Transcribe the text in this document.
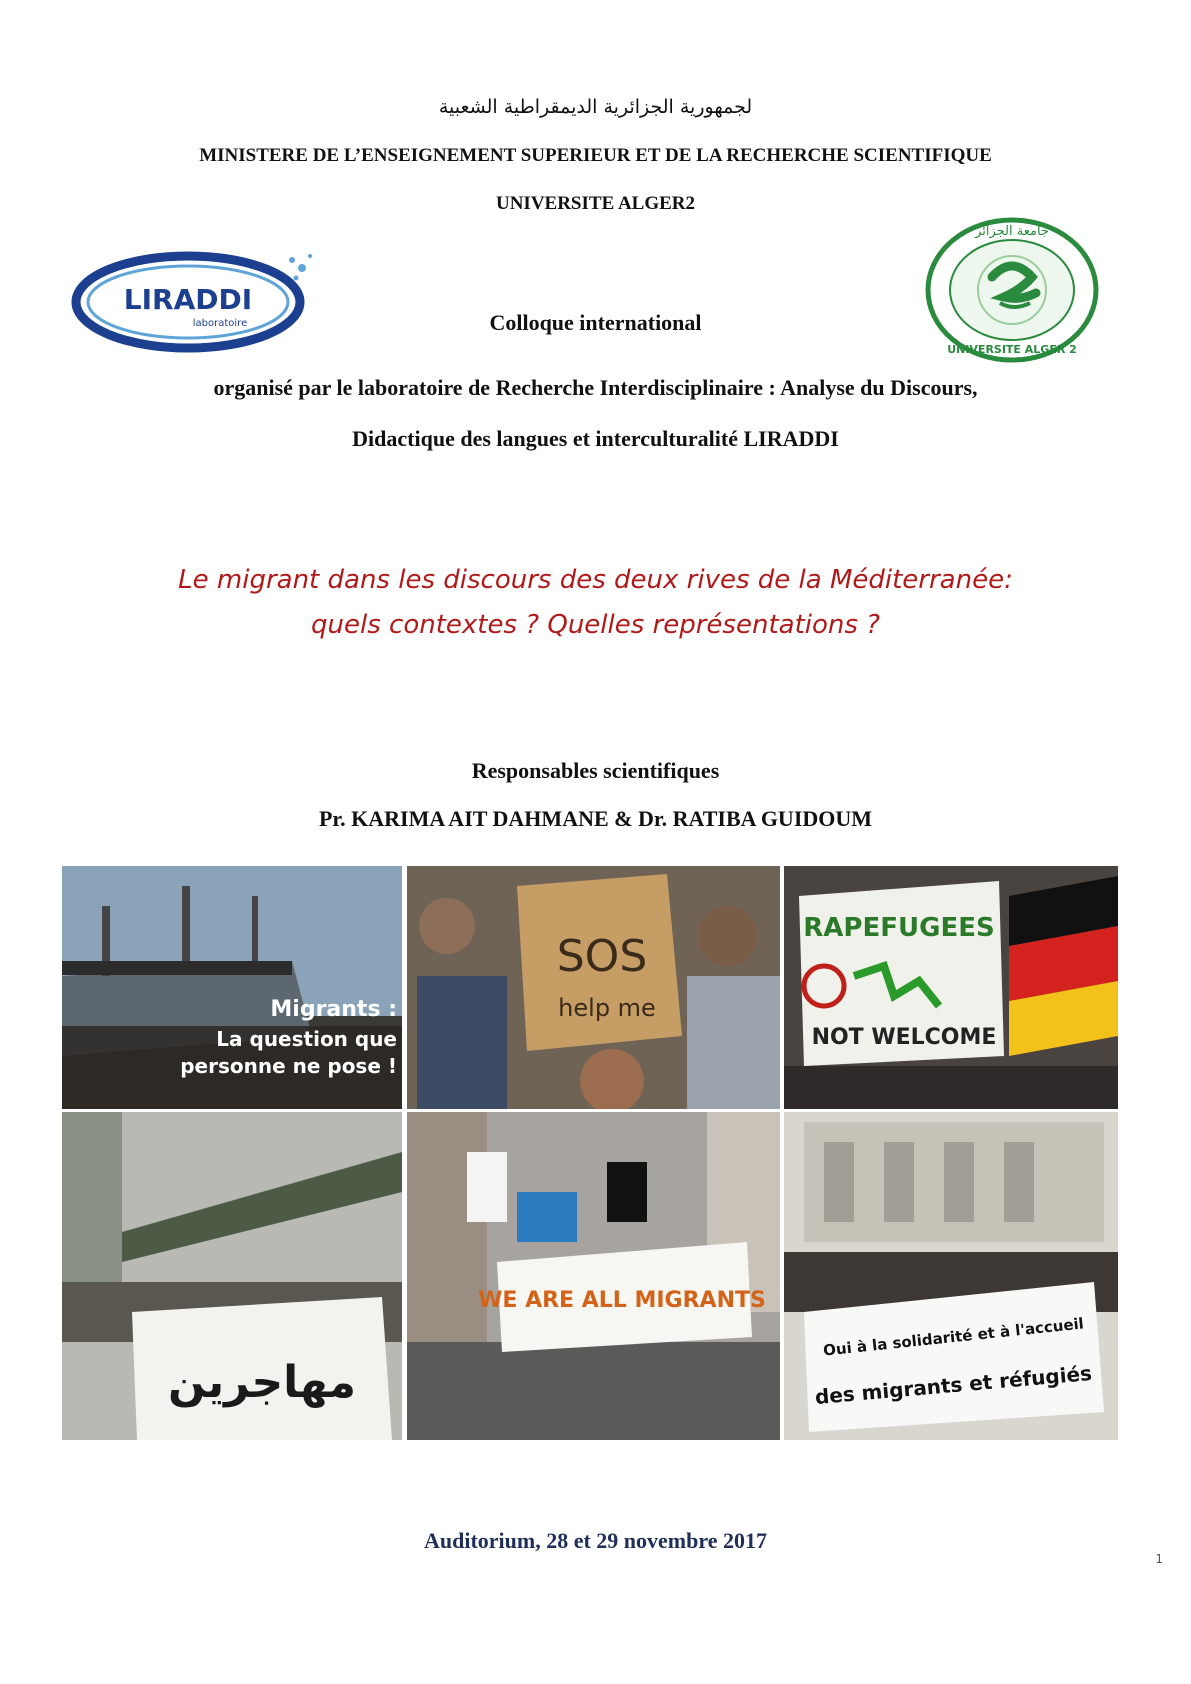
لجمهورية الجزائرية الديمقراطية الشعبية
MINISTERE DE L’ENSEIGNEMENT SUPERIEUR ET DE LA RECHERCHE SCIENTIFIQUE
UNIVERSITE ALGER2
LIRADDI
laboratoire
جامعة الجزائر
UNIVERSITE ALGER 2
Colloque international
organisé par le laboratoire de Recherche Interdisciplinaire : Analyse du Discours,
Didactique des langues et interculturalité LIRADDI
Le migrant dans les discours des deux rives de la Méditerranée:
quels contextes ? Quelles représentations ?
Responsables scientifiques
Pr. KARIMA AIT DAHMANE & Dr. RATIBA GUIDOUM
Migrants :
La question que
personne ne pose !
SOS
help me
RAPEFUGEES
NOT WELCOME
مهاجرين
WE ARE ALL MIGRANTS
Oui à la solidarité et à l'accueil
des migrants et réfugiés
Auditorium, 28 et 29 novembre 2017
1
